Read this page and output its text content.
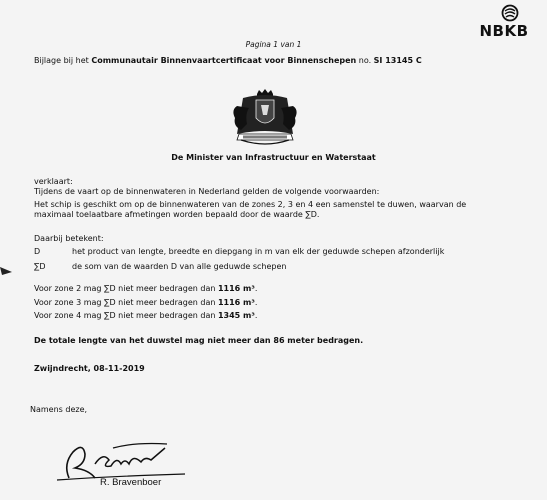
Pagina 1 van 1
NBKB
Bijlage bij het Communautair Binnenvaartcertificaat voor Binnenschepen no. SI 13145 C
De Minister van Infrastructuur en Waterstaat
verklaart:
Tijdens de vaart op de binnenwateren in Nederland gelden de volgende voorwaarden:
Het schip is geschikt om op de binnenwateren van de zones 2, 3 en 4 een samenstel te duwen, waarvan de
maximaal toelaatbare afmetingen worden bepaald door de waarde ∑D.
Daarbij betekent:
D	het product van lengte, breedte en diepgang in m van elk der geduwde schepen afzonderlijk
∑D	de som van de waarden D van alle geduwde schepen
Voor zone 2 mag ∑D niet meer bedragen dan 1116 m³.
Voor zone 3 mag ∑D niet meer bedragen dan 1116 m³.
Voor zone 4 mag ∑D niet meer bedragen dan 1345 m³.
De totale lengte van het duwstel mag niet meer dan 86 meter bedragen.
Zwijndrecht, 08-11-2019
Namens deze,
R. Bravenboer
